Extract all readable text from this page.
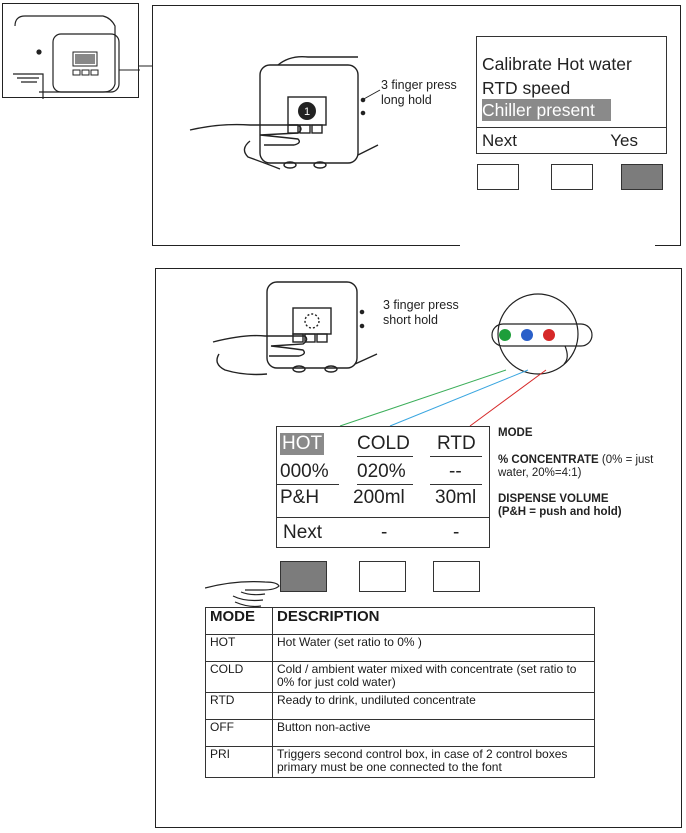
1
3 finger press
long hold
Calibrate Hot water
RTD speed
Chiller present
Next	Yes
3 finger press
short hold
HOT COLD RTD
000% 020% --
P&H 200ml 30ml
Next	-	-
MODE
% CONCENTRATE (0% = just
water, 20%=4:1)
DISPENSE VOLUME
(P&H = push and hold)
MODE	DESCRIPTION
HOT	Hot Water (set ratio to 0% )
COLD	Cold / ambient water mixed with concentrate (set ratio to 0% for just cold water)
RTD	Ready to drink, undiluted concentrate
OFF	Button non-active
PRI	Triggers second control box, in case of 2 control boxes primary must be one connected to the font
